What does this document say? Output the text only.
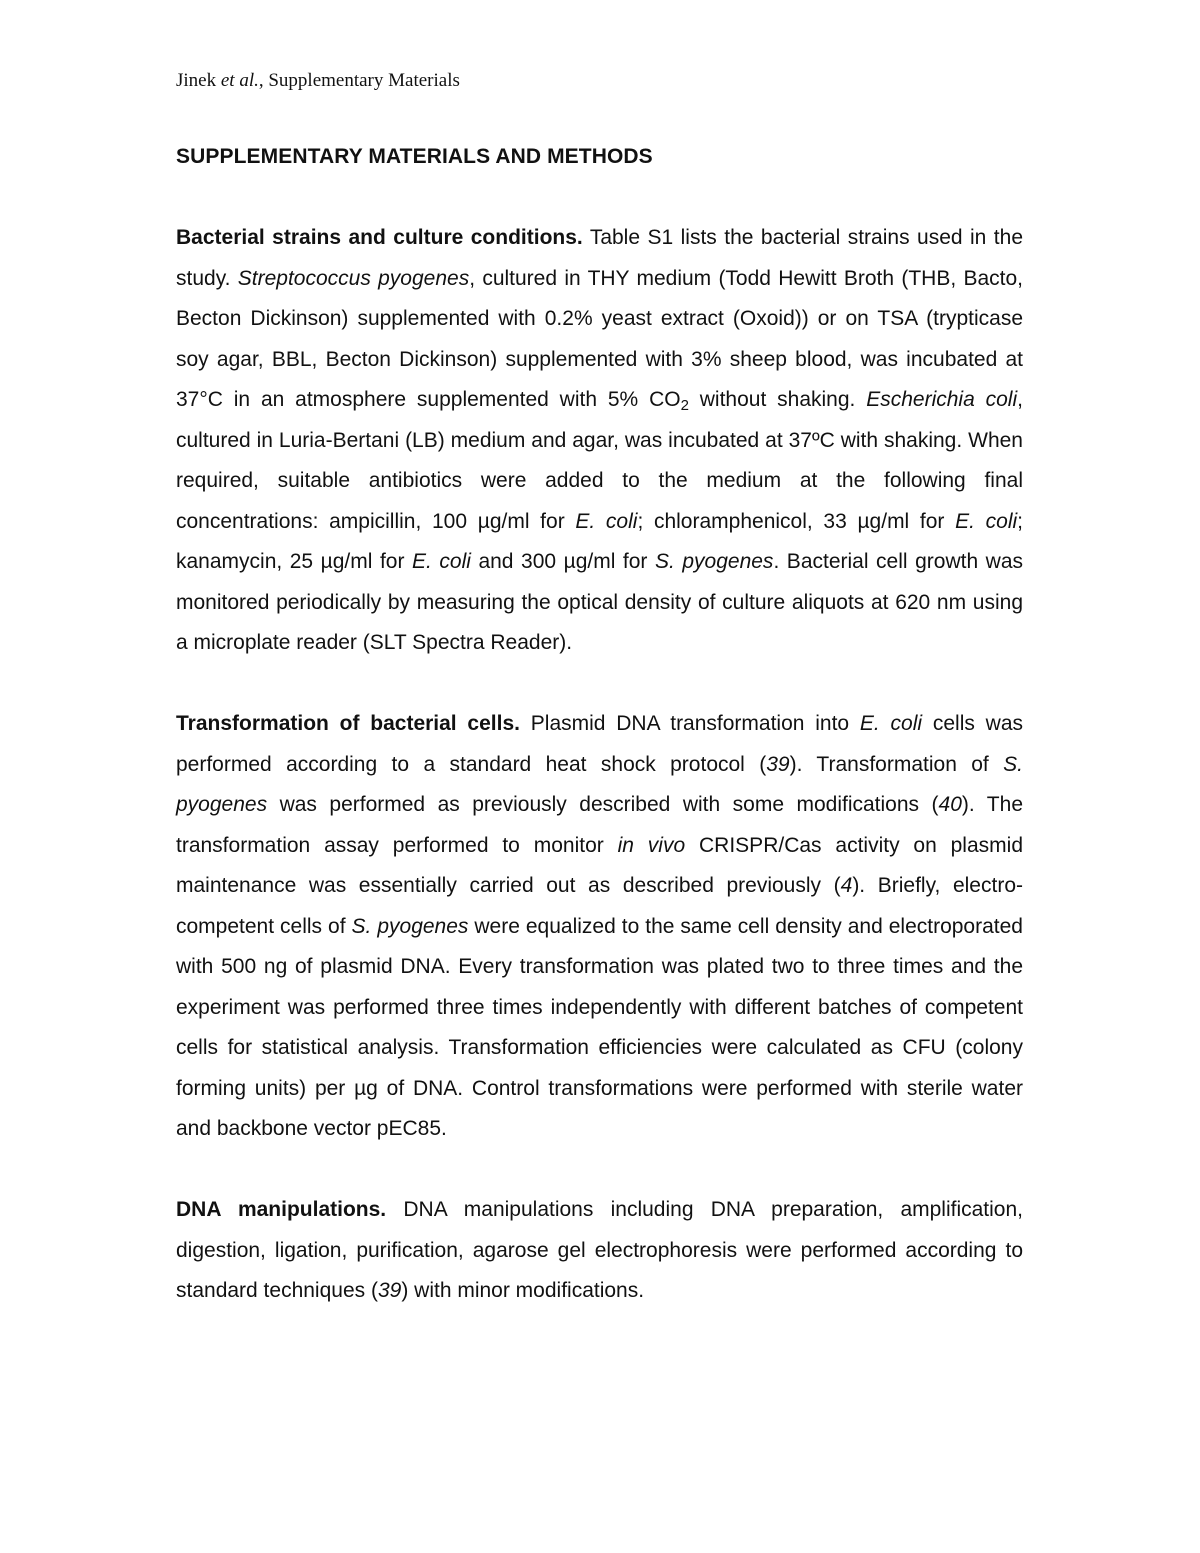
Jinek et al., Supplementary Materials
SUPPLEMENTARY MATERIALS AND METHODS

Bacterial strains and culture conditions. Table S1 lists the bacterial strains used in the study. Streptococcus pyogenes, cultured in THY medium (Todd Hewitt Broth (THB, Bacto, Becton Dickinson) supplemented with 0.2% yeast extract (Oxoid)) or on TSA (trypticase soy agar, BBL, Becton Dickinson) supplemented with 3% sheep blood, was incubated at 37°C in an atmosphere supplemented with 5% $CO_2$ without shaking. Escherichia coli, cultured in Luria-Bertani (LB) medium and agar, was incubated at 37ºC with shaking. When required, suitable antibiotics were added to the medium at the following final concentrations: ampicillin, 100 µg/ml for E. coli; chloramphenicol, 33 µg/ml for E. coli; kanamycin, 25 µg/ml for E. coli and 300 µg/ml for S. pyogenes. Bacterial cell growth was monitored periodically by measuring the optical density of culture aliquots at 620 nm using a microplate reader (SLT Spectra Reader).

Transformation of bacterial cells. Plasmid DNA transformation into E. coli cells was performed according to a standard heat shock protocol (39). Transformation of S. pyogenes was performed as previously described with some modifications (40). The transformation assay performed to monitor in vivo CRISPR/Cas activity on plasmid maintenance was essentially carried out as described previously (4). Briefly, electro-competent cells of S. pyogenes were equalized to the same cell density and electroporated with 500 ng of plasmid DNA. Every transformation was plated two to three times and the experiment was performed three times independently with different batches of competent cells for statistical analysis. Transformation efficiencies were calculated as CFU (colony forming units) per µg of DNA. Control transformations were performed with sterile water and backbone vector pEC85.

DNA manipulations. DNA manipulations including DNA preparation, amplification, digestion, ligation, purification, agarose gel electrophoresis were performed according to standard techniques (39) with minor modifications.
